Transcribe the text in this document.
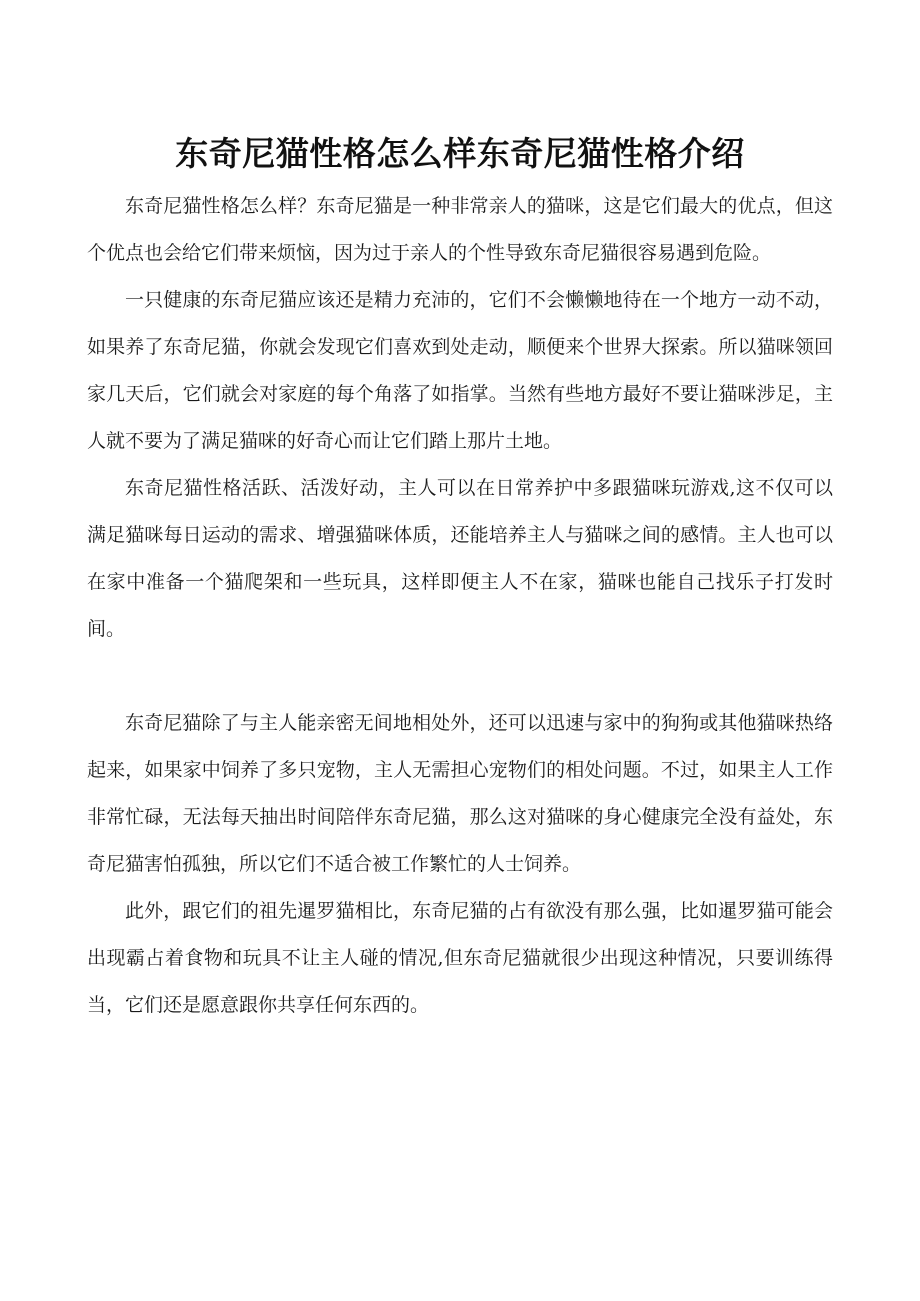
东奇尼猫性格怎么样东奇尼猫性格介绍

东奇尼猫性格怎么样？东奇尼猫是一种非常亲人的猫咪，这是它们最大的优点，但这个优点也会给它们带来烦恼，因为过于亲人的个性导致东奇尼猫很容易遇到危险。

一只健康的东奇尼猫应该还是精力充沛的，它们不会懒懒地待在一个地方一动不动，如果养了东奇尼猫，你就会发现它们喜欢到处走动，顺便来个世界大探索。所以猫咪领回家几天后，它们就会对家庭的每个角落了如指掌。当然有些地方最好不要让猫咪涉足，主人就不要为了满足猫咪的好奇心而让它们踏上那片土地。

东奇尼猫性格活跃、活泼好动，主人可以在日常养护中多跟猫咪玩游戏,这不仅可以满足猫咪每日运动的需求、增强猫咪体质，还能培养主人与猫咪之间的感情。主人也可以在家中准备一个猫爬架和一些玩具，这样即便主人不在家，猫咪也能自己找乐子打发时间。

东奇尼猫除了与主人能亲密无间地相处外，还可以迅速与家中的狗狗或其他猫咪热络起来，如果家中饲养了多只宠物，主人无需担心宠物们的相处问题。不过，如果主人工作非常忙碌，无法每天抽出时间陪伴东奇尼猫，那么这对猫咪的身心健康完全没有益处，东奇尼猫害怕孤独，所以它们不适合被工作繁忙的人士饲养。

此外，跟它们的祖先暹罗猫相比，东奇尼猫的占有欲没有那么强，比如暹罗猫可能会出现霸占着食物和玩具不让主人碰的情况,但东奇尼猫就很少出现这种情况，只要训练得当，它们还是愿意跟你共享任何东西的。
